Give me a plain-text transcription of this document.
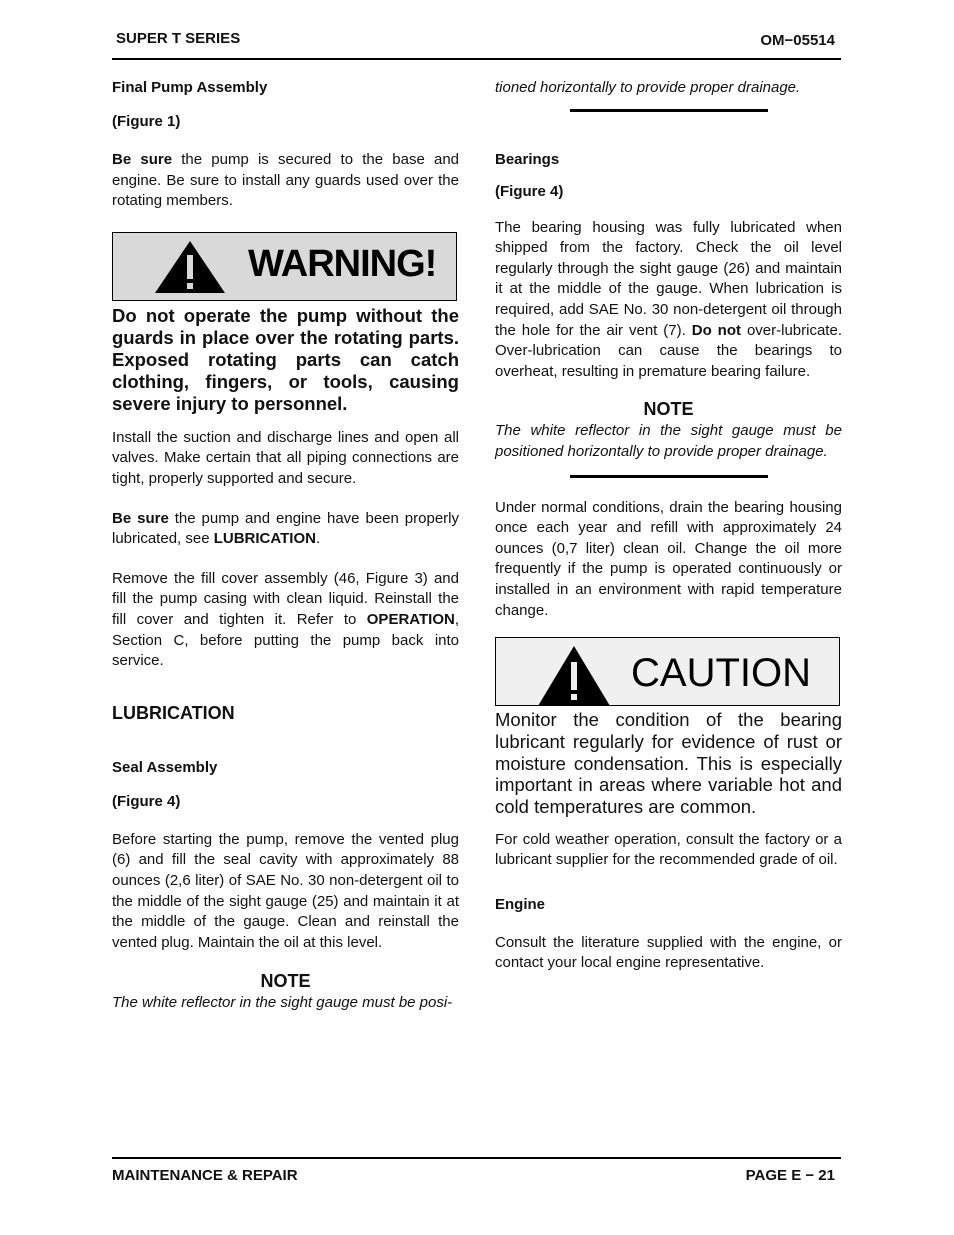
SUPER T SERIES	OM−05514
Final Pump Assembly
(Figure 1)

Be sure the pump is secured to the base and engine. Be sure to install any guards used over the rotating members.

WARNING!
Do not operate the pump without the guards in place over the rotating parts. Exposed rotating parts can catch clothing, fingers, or tools, causing severe injury to personnel.

Install the suction and discharge lines and open all valves. Make certain that all piping connections are tight, properly supported and secure.

Be sure the pump and engine have been properly lubricated, see LUBRICATION.

Remove the fill cover assembly (46, Figure 3) and fill the pump casing with clean liquid. Reinstall the fill cover and tighten it. Refer to OPERATION, Section C, before putting the pump back into service.

LUBRICATION
Seal Assembly
(Figure 4)

Before starting the pump, remove the vented plug (6) and fill the seal cavity with approximately 88 ounces (2,6 liter) of SAE No. 30 non-detergent oil to the middle of the sight gauge (25) and maintain it at the middle of the gauge. Clean and reinstall the vented plug. Maintain the oil at this level.

NOTE
The white reflector in the sight gauge must be posi-
tioned horizontally to provide proper drainage.
Bearings
(Figure 4)

The bearing housing was fully lubricated when shipped from the factory. Check the oil level regularly through the sight gauge (26) and maintain it at the middle of the gauge. When lubrication is required, add SAE No. 30 non-detergent oil through the hole for the air vent (7). Do not over-lubricate. Over-lubrication can cause the bearings to overheat, resulting in premature bearing failure.

NOTE
The white reflector in the sight gauge must be positioned horizontally to provide proper drainage.

Under normal conditions, drain the bearing housing once each year and refill with approximately 24 ounces (0,7 liter) clean oil. Change the oil more frequently if the pump is operated continuously or installed in an environment with rapid temperature change.

CAUTION
Monitor the condition of the bearing lubricant regularly for evidence of rust or moisture condensation. This is especially important in areas where variable hot and cold temperatures are common.

For cold weather operation, consult the factory or a lubricant supplier for the recommended grade of oil.

Engine

Consult the literature supplied with the engine, or contact your local engine representative.

MAINTENANCE & REPAIR	PAGE E − 21
